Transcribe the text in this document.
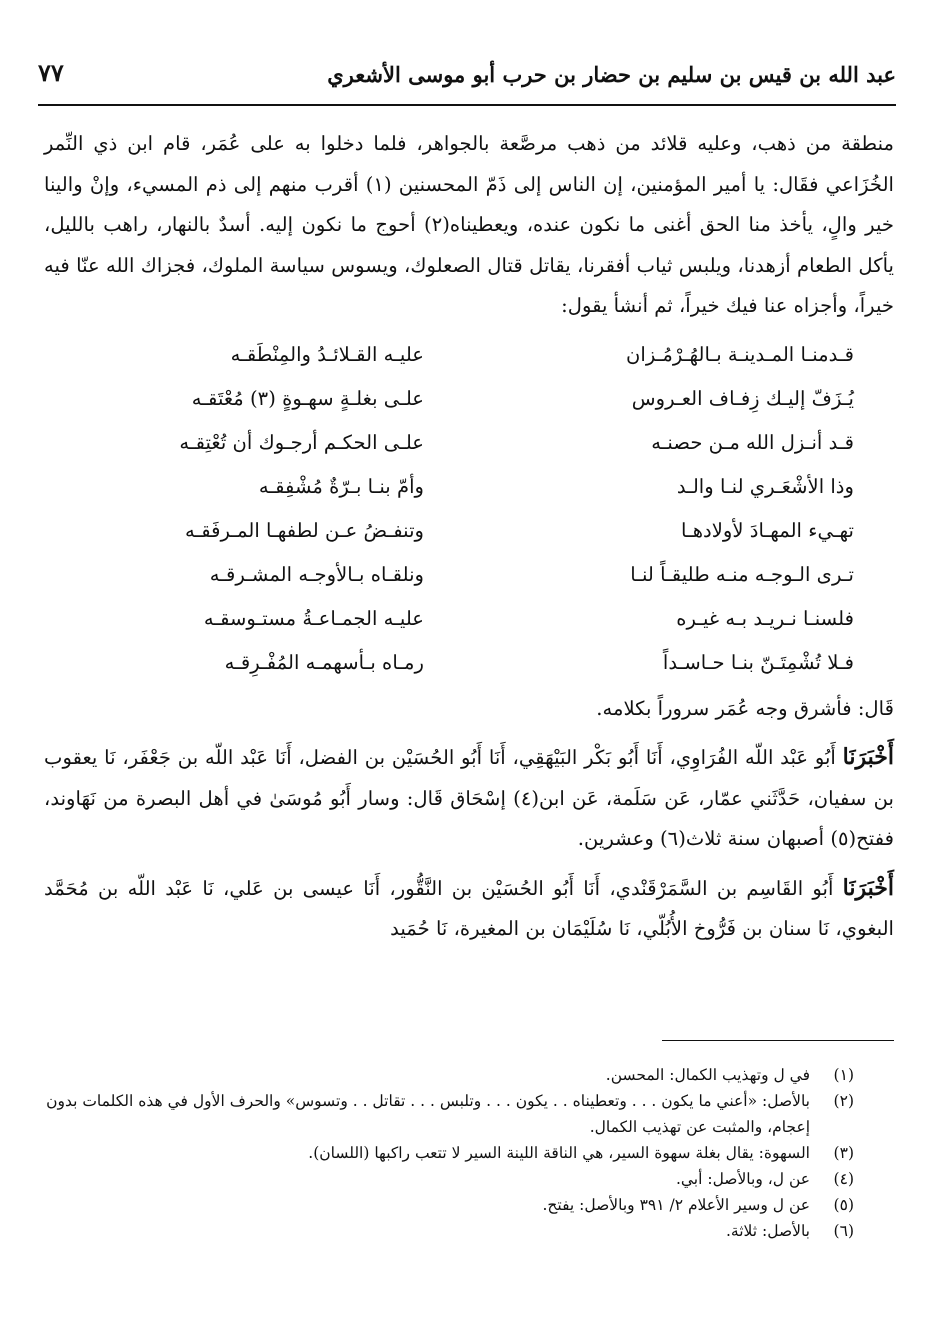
عبد الله بن قيس بن سليم بن حضار بن حرب أبو موسى الأشعري
٧٧

منطقة من ذهب، وعليه قلائد من ذهب مرصَّعة بالجواهر، فلما دخلوا به على عُمَر، قام ابن ذي النِّمر الخُزَاعي فقَال: يا أمير المؤمنين، إن الناس إلى ذَمّ المحسنين (١) أقرب منهم إلى ذم المسيء، وإنْ والينا خير والٍ، يأخذ منا الحق أغنى ما نكون عنده، ويعطيناه(٢) أحوج ما نكون إليه. أسدٌ بالنهار، راهب بالليل، يأكل الطعام أزهدنا، ويلبس ثياب أفقرنا، يقاتل قتال الصعلوك، ويسوس سياسة الملوك، فجزاك الله عنّا فيه خيراً، وأجزاه عنا فيك خيراً، ثم أنشأ يقول:

قـدمنـا المـدينـة بـالهُـرْمُـزان
عليـه القـلائـدُ والمِنْطَقـه
يُـزَفّ إليـك زِفـاف العـروس
علـى بغلـةٍ سهـوةٍ (٣) مُعْتَقـه
قـد أنـزل الله مـن حصنـه
علـى الحكـم أرجـوك أن تُعْتِقـه
وذا الأشْعَـري لنـا والـد
وأمّ بنـا بـرّةٌ مُشْفِقـه
تهـيء المهـادَ لأولادهـا
وتنفـضُ عـن لطفهـا المـرفَقـه
تـرى الـوجـه منـه طليقـاً لنـا
ونلقـاه بـالأوجـه المشـرقـه
فلسنـا نـريـد بـه غيـره
عليـه الجمـاعـةُ مستـوسقـه
فـلا تُشْمِتَـنّ بنـا حـاسـداً
رمـاه بـأسهمـه المُفْـرِقـه

قَال: فأشرق وجه عُمَر سروراً بكلامه.

أَخْبَرَنَا أَبُو عَبْد اللّه الفُرَاوِي، أَنَا أَبُو بَكْر البَيْهَقِي، أَنَا أَبُو الحُسَيْن بن الفضل، أَنَا عَبْد اللّه بن جَعْفَر، نَا يعقوب بن سفيان، حَدَّثَني عمّار، عَن سَلَمة، عَن ابن(٤) إسْحَاق قَال: وسار أَبُو مُوسَىٰ في أهل البصرة من نَهَاوند، ففتح(٥) أصبهان سنة ثلاث(٦) وعشرين.

أَخْبَرَنَا أَبُو القَاسِم بن السَّمَرْقَنْدي، أَنَا أَبُو الحُسَيْن بن النَّقُّور، أَنَا عيسى بن عَلي، نَا عَبْد اللّه بن مُحَمَّد البغوي، نَا سنان بن فَرُّوخ الأُبُلّي، نَا سُلَيْمَان بن المغيرة، نَا حُمَيد

(١)
في ل وتهذيب الكمال: المحسن.
(٢)
بالأصل: «أعني ما يكون . . . وتعطيناه . . يكون . . . وتلبس . . . تقاتل . . وتسوس» والحرف الأول في هذه الكلمات بدون إعجام، والمثبت عن تهذيب الكمال.
(٣)
السهوة: يقال بغلة سهوة السير، هي الناقة اللينة السير لا تتعب راكبها (اللسان).
(٤)
عن ل، وبالأصل: أبي.
(٥)
عن ل وسير الأعلام ٢/ ٣٩١ وبالأصل: يفتح.
(٦)
بالأصل: ثلاثة.
